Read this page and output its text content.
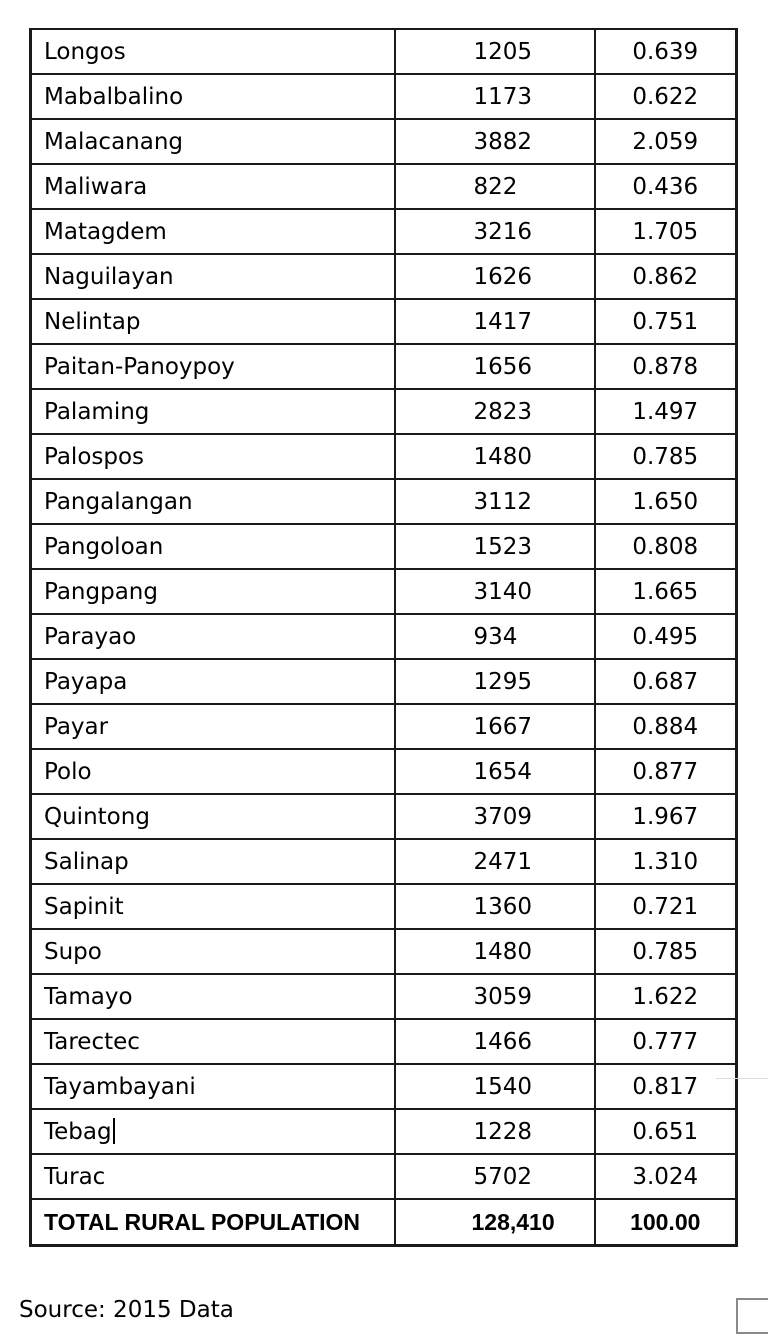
Longos	1205	0.639
Mabalbalino	1173	0.622
Malacanang	3882	2.059
Maliwara	822	0.436
Matagdem	3216	1.705
Naguilayan	1626	0.862
Nelintap	1417	0.751
Paitan-Panoypoy	1656	0.878
Palaming	2823	1.497
Palospos	1480	0.785
Pangalangan	3112	1.650
Pangoloan	1523	0.808
Pangpang	3140	1.665
Parayao	934	0.495
Payapa	1295	0.687
Payar	1667	0.884
Polo	1654	0.877
Quintong	3709	1.967
Salinap	2471	1.310
Sapinit	1360	0.721
Supo	1480	0.785
Tamayo	3059	1.622
Tarectec	1466	0.777
Tayambayani	1540	0.817
Tebag	1228	0.651
Turac	5702	3.024
TOTAL RURAL POPULATION	128,410	100.00
Source: 2015 Data
